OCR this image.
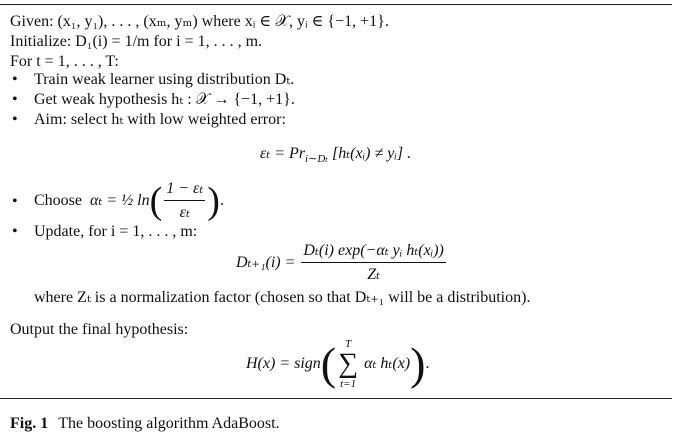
Given: (x₁, y₁), . . . , (xₘ, yₘ) where xᵢ ∈ 𝒳, yᵢ ∈ {−1, +1}.
Initialize: D₁(i) = 1/m for i = 1, . . . , m.
For t = 1, . . . , T:
• Train weak learner using distribution Dₜ.
• Get weak hypothesis hₜ : 𝒳 → {−1, +1}.
• Aim: select hₜ with low weighted error:
$\varepsilon_t = Pr_{i\sim D_t}$ [hₜ(xᵢ) ≠ yᵢ] .
• Choose αₜ = ½ ln ( $\frac{\text{1 − εₜ}}{\text{εₜ}}$ ) .
• Update, for i = 1, . . . , m:
$D_{t+1}(i) = \frac{\text{Dₜ(i) exp(−αₜ yᵢ hₜ(xᵢ))}}{\text{Zₜ}}$
where Zₜ is a normalization factor (chosen so that Dₜ₊₁ will be a distribution).
Output the final hypothesis:
H(x) = sign ( T
∑
t=1
αₜ hₜ(x) ) .
Fig. 1 The boosting algorithm AdaBoost.
